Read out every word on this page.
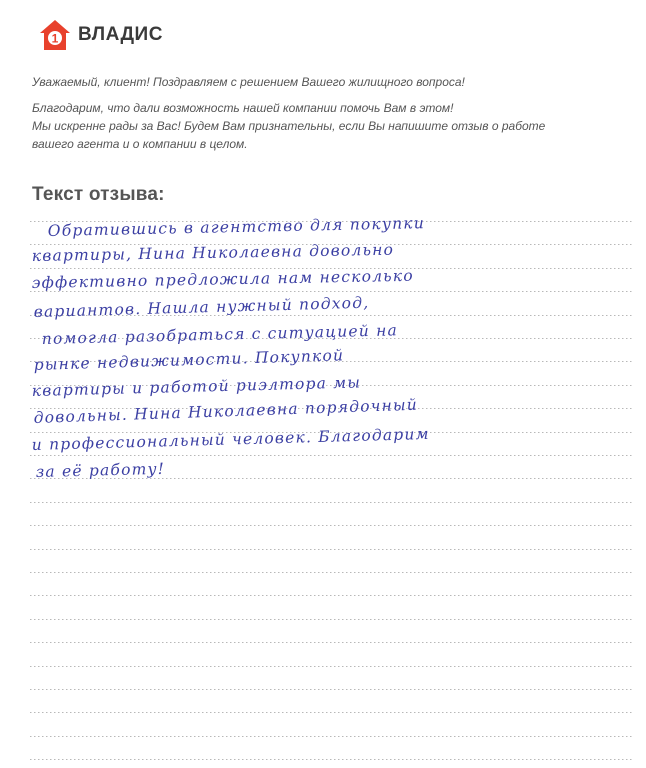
1 ВЛАДИС

Уважаемый, клиент! Поздравляем с решением Вашего жилищного вопроса!

Благодарим, что дали возможность нашей компании помочь Вам в этом!

Мы искренне рады за Вас! Будем Вам признательны, если Вы напишите отзыв о работе

вашего агента и о компании в целом.

Текст отзыва:
Обратившись в агентство для покупки
квартиры, Нина Николаевна довольно
эффективно предложила нам несколько
вариантов. Нашла нужный подход,
помогла разобраться с ситуацией на
рынке недвижимости. Покупкой
квартиры и работой риэлтора мы
довольны. Нина Николаевна порядочный
и профессиональный человек. Благодарим
за её работу!
